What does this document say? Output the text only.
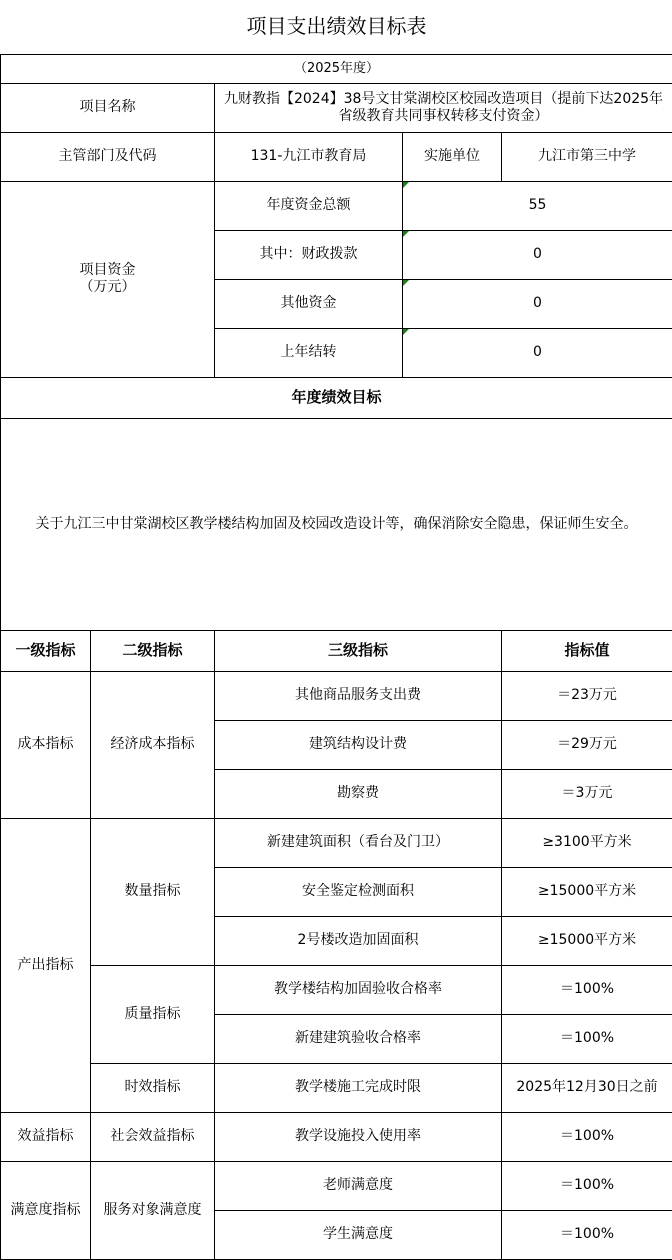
项目支出绩效目标表				
（2025年度）				
项目名称		九财教指【2024】38号文甘棠湖校区校园改造项目（提前下达2025年省级教育共同事权转移支付资金）		
主管部门及代码		131-九江市教育局	实施单位	九江市第三中学
项目资金
（万元）		年度资金总额	55	
		其中：财政拨款	0	
		其他资金	0	
		上年结转	0	
年度绩效目标				
关于九江三中甘棠湖校区教学楼结构加固及校园改造设计等，确保消除安全隐患，保证师生安全。				
一级指标	二级指标	三级指标		指标值
成本指标	经济成本指标	其他商品服务支出费		＝23万元
		建筑结构设计费		＝29万元
		勘察费		＝3万元
产出指标	数量指标	新建建筑面积（看台及门卫）		≥3100平方米
		安全鉴定检测面积		≥15000平方米
		2号楼改造加固面积		≥15000平方米
	质量指标	教学楼结构加固验收合格率		＝100%
		新建建筑验收合格率		＝100%
	时效指标	教学楼施工完成时限		2025年12月30日之前
效益指标	社会效益指标	教学设施投入使用率		＝100%
满意度指标	服务对象满意度	老师满意度		＝100%
		学生满意度		＝100%
